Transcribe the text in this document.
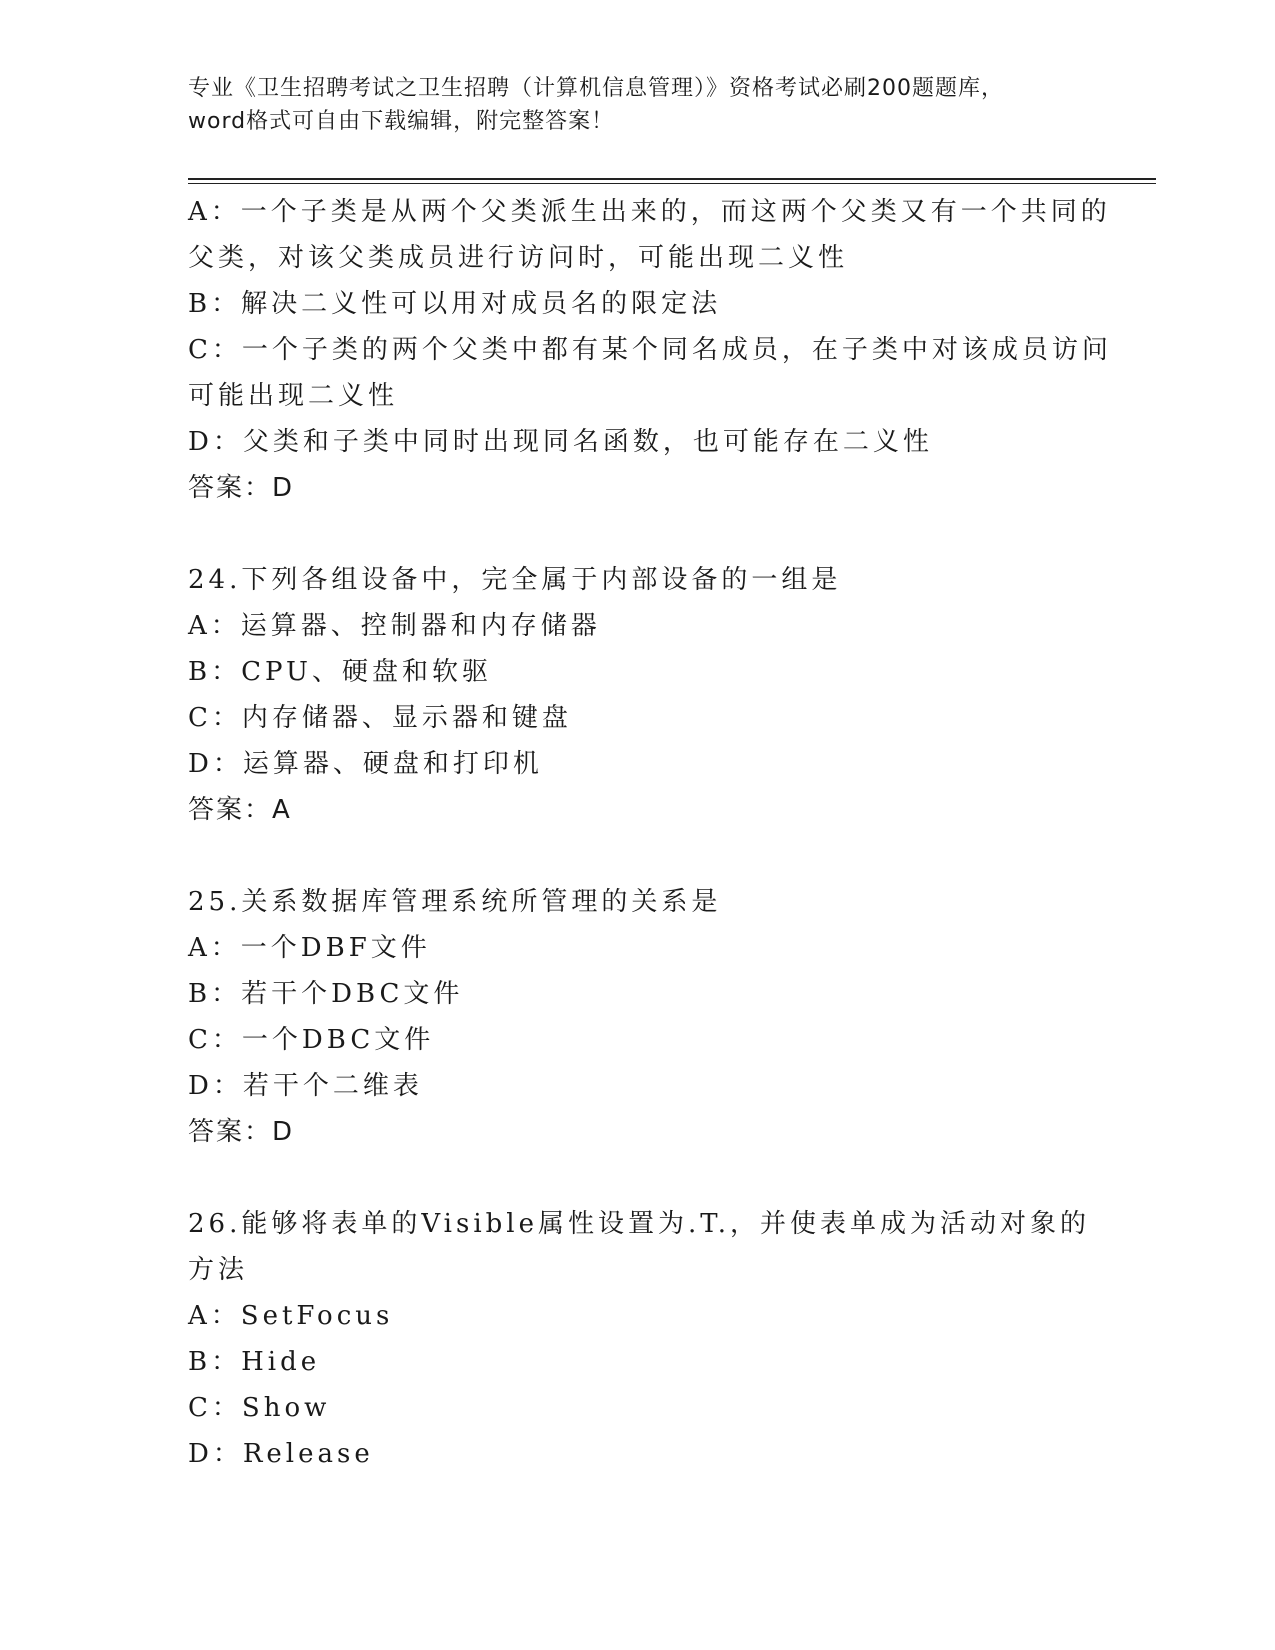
专业《卫生招聘考试之卫生招聘（计算机信息管理）》资格考试必刷200题题库，
word格式可自由下载编辑，附完整答案！
A：一个子类是从两个父类派生出来的，而这两个父类又有一个共同的
父类，对该父类成员进行访问时，可能出现二义性
B：解决二义性可以用对成员名的限定法
C：一个子类的两个父类中都有某个同名成员，在子类中对该成员访问
可能出现二义性
D：父类和子类中同时出现同名函数，也可能存在二义性
答案：D
24.下列各组设备中，完全属于内部设备的一组是
A：运算器、控制器和内存储器
B：CPU、硬盘和软驱
C：内存储器、显示器和键盘
D：运算器、硬盘和打印机
答案：A
25.关系数据库管理系统所管理的关系是
A：一个DBF文件
B：若干个DBC文件
C：一个DBC文件
D：若干个二维表
答案：D
26.能够将表单的Visible属性设置为.T.，并使表单成为活动对象的
方法
A：SetFocus
B：Hide
C：Show
D：Release
